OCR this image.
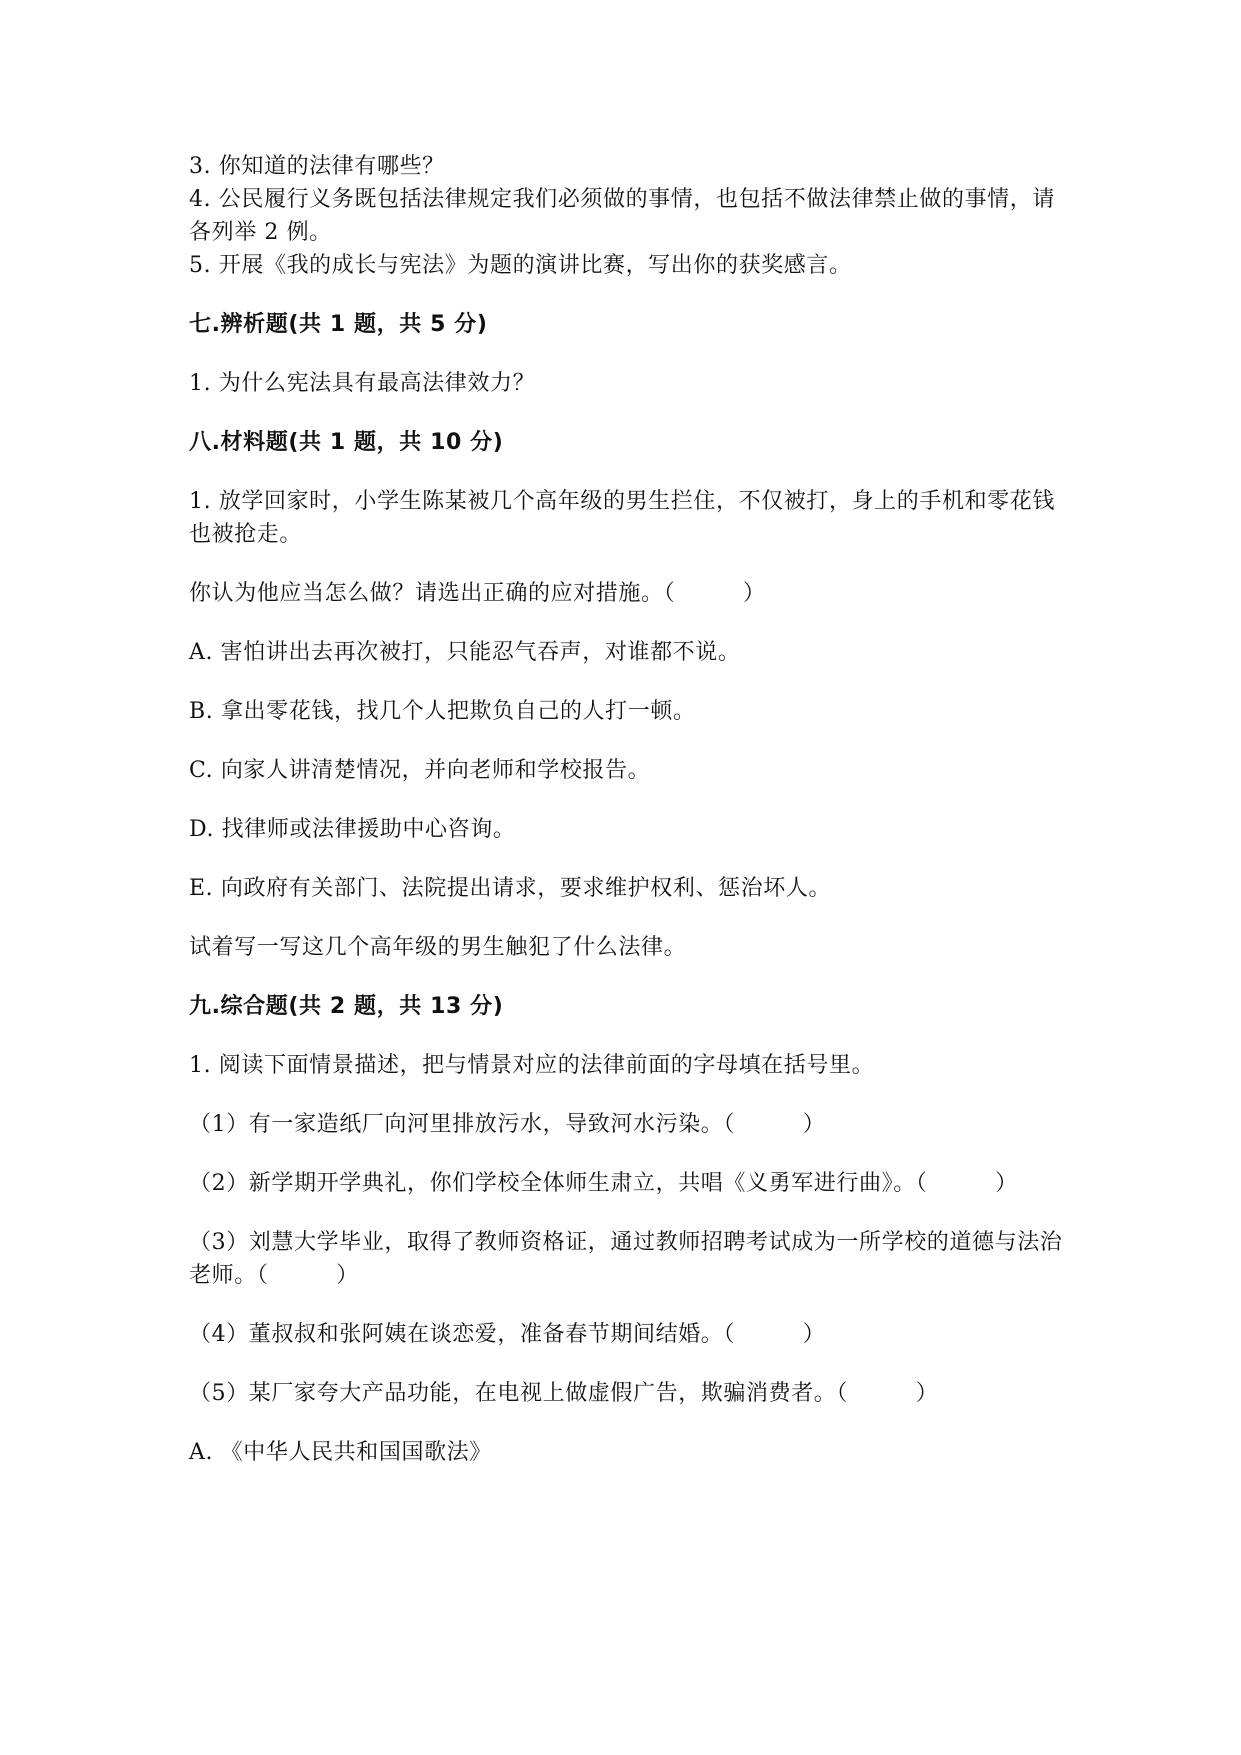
3. 你知道的法律有哪些？

4. 公民履行义务既包括法律规定我们必须做的事情，也包括不做法律禁止做的事情，请各列举 2 例。

5. 开展《我的成长与宪法》为题的演讲比赛，写出你的获奖感言。

七.辨析题(共 1 题，共 5 分)

1. 为什么宪法具有最高法律效力？

八.材料题(共 1 题，共 10 分)

1. 放学回家时，小学生陈某被几个高年级的男生拦住，不仅被打，身上的手机和零花钱也被抢走。

你认为他应当怎么做？请选出正确的应对措施。（　　　）

A. 害怕讲出去再次被打，只能忍气吞声，对谁都不说。

B. 拿出零花钱，找几个人把欺负自己的人打一顿。

C. 向家人讲清楚情况，并向老师和学校报告。

D. 找律师或法律援助中心咨询。

E. 向政府有关部门、法院提出请求，要求维护权利、惩治坏人。

试着写一写这几个高年级的男生触犯了什么法律。

九.综合题(共 2 题，共 13 分)

1. 阅读下面情景描述，把与情景对应的法律前面的字母填在括号里。

（1）有一家造纸厂向河里排放污水，导致河水污染。（　　　）

（2）新学期开学典礼，你们学校全体师生肃立，共唱《义勇军进行曲》。（　　　）

（3）刘慧大学毕业，取得了教师资格证，通过教师招聘考试成为一所学校的道德与法治老师。（　　　）

（4）董叔叔和张阿姨在谈恋爱，准备春节期间结婚。（　　　）

（5）某厂家夸大产品功能，在电视上做虚假广告，欺骗消费者。（　　　）

A. 《中华人民共和国国歌法》
